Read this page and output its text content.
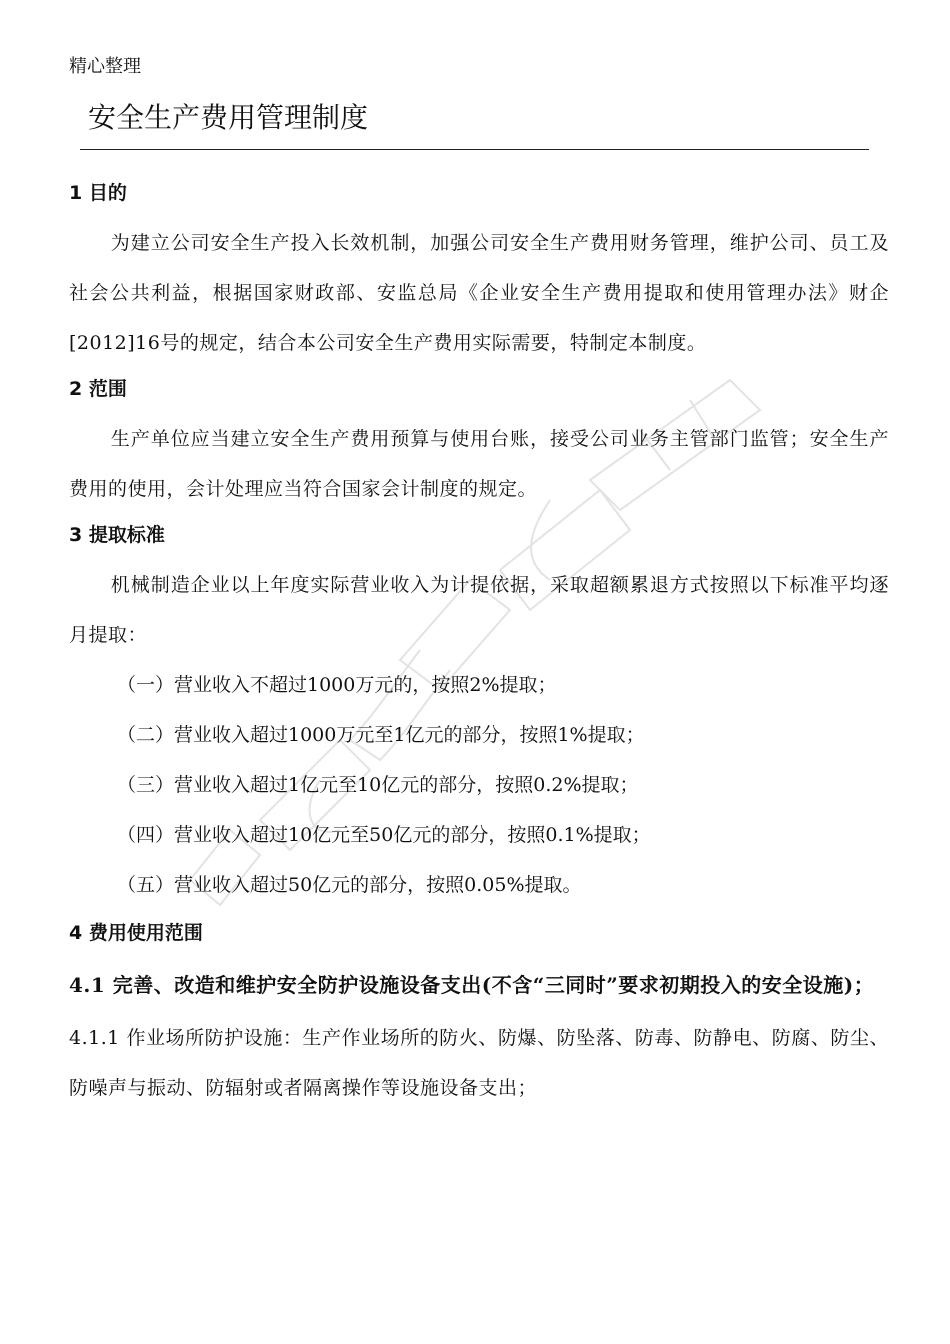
精心整理
安全生产费用管理制度
1 目的

为建立公司安全生产投入长效机制，加强公司安全生产费用财务管理，维护公司、员工及社会公共利益，根据国家财政部、安监总局《企业安全生产费用提取和使用管理办法》财企[2012]16号的规定，结合本公司安全生产费用实际需要，特制定本制度。

2 范围

生产单位应当建立安全生产费用预算与使用台账，接受公司业务主管部门监管；安全生产费用的使用，会计处理应当符合国家会计制度的规定。

3 提取标准

机械制造企业以上年度实际营业收入为计提依据，采取超额累退方式按照以下标准平均逐月提取：

（一）营业收入不超过1000万元的，按照2%提取；

（二）营业收入超过1000万元至1亿元的部分，按照1%提取；

（三）营业收入超过1亿元至10亿元的部分，按照0.2%提取；

（四）营业收入超过10亿元至50亿元的部分，按照0.1%提取；

（五）营业收入超过50亿元的部分，按照0.05%提取。

4 费用使用范围

4.1 完善、改造和维护安全防护设施设备支出(不含“三同时”要求初期投入的安全设施)；

4.1.1 作业场所防护设施：生产作业场所的防火、防爆、防坠落、防毒、防静电、防腐、防尘、防噪声与振动、防辐射或者隔离操作等设施设备支出；
